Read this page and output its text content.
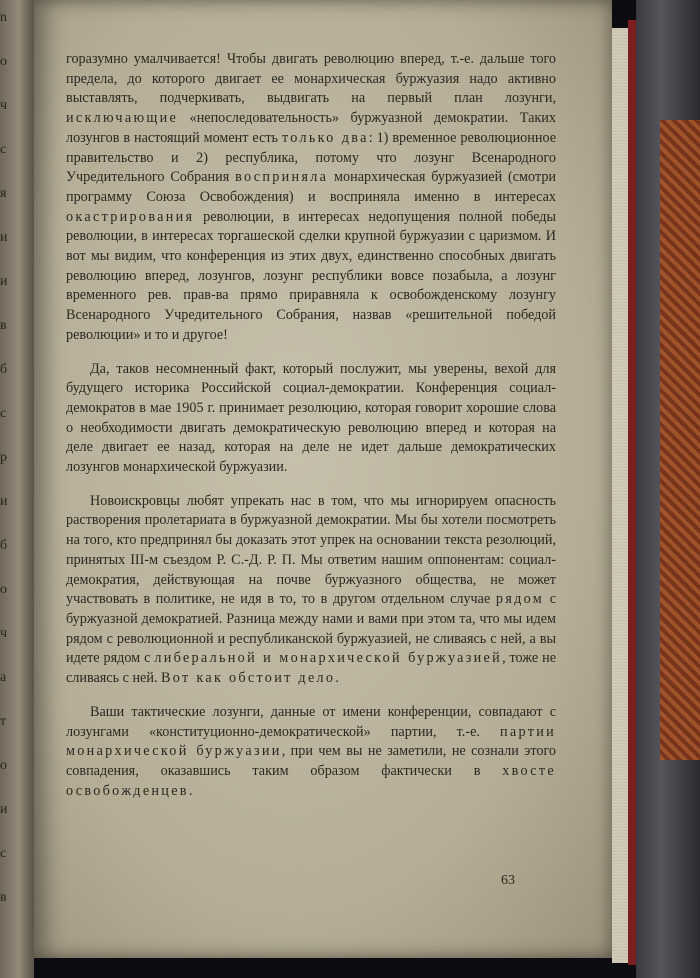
n
о
ч
с
я
и
и
в
б
с
р
и
б
о
ч
а
т
о
и
с
в

горазумно умалчивается! Чтобы двигать революцию вперед, т.-е. дальше того предела, до которого двигает ее монархическая буржуазия надо активно выставлять, подчеркивать, выдвигать на первый план лозунги, исключающие «непоследовательность» буржуазной демократии. Таких лозунгов в настоящий момент есть только два: 1) временное революционное правительство и 2) республика, потому что лозунг Всенародного Учредительного Собрания восприняла монархическая буржуазией (смотри программу Союза Освобождения) и восприняла именно в интересах окастрирования революции, в интересах недопущения полной победы революции, в интересах торгашеской сделки крупной буржуазии с царизмом. И вот мы видим, что конференция из этих двух, единственно способных двигать революцию вперед, лозунгов, лозунг республики вовсе позабыла, а лозунг временного рев. прав-ва прямо приравняла к освобожденскому лозунгу Всенародного Учредительного Собрания, назвав «решительной победой революции» и то и другое!

Да, таков несомненный факт, который послужит, мы уверены, вехой для будущего историка Российской социал-демократии. Конференция социал-демократов в мае 1905 г. принимает резолюцию, которая говорит хорошие слова о необходимости двигать демократическую революцию вперед и которая на деле двигает ее назад, которая на деле не идет дальше демократических лозунгов монархической буржуазии.

Новоискровцы любят упрекать нас в том, что мы игнорируем опасность растворения пролетариата в буржуазной демократии. Мы бы хотели посмотреть на того, кто предпринял бы доказать этот упрек на основании текста резолюций, принятых III-м съездом Р. С.-Д. Р. П. Мы ответим нашим оппонентам: социал-демократия, действующая на почве буржуазного общества, не может участвовать в политике, не идя в то, то в другом отдельном случае рядом с буржуазной демократией. Разница между нами и вами при этом та, что мы идем рядом с революционной и республиканской буржуазией, не сливаясь с ней, а вы идете рядом с либеральной и монархической буржуазией, тоже не сливаясь с ней. Вот как обстоит дело.

Ваши тактические лозунги, данные от имени конференции, совпадают с лозунгами «конституционно-демократической» партии, т.-е. партии монархической буржуазии, при чем вы не заметили, не сознали этого совпадения, оказавшись таким образом фактически в хвосте освобожденцев.

63
